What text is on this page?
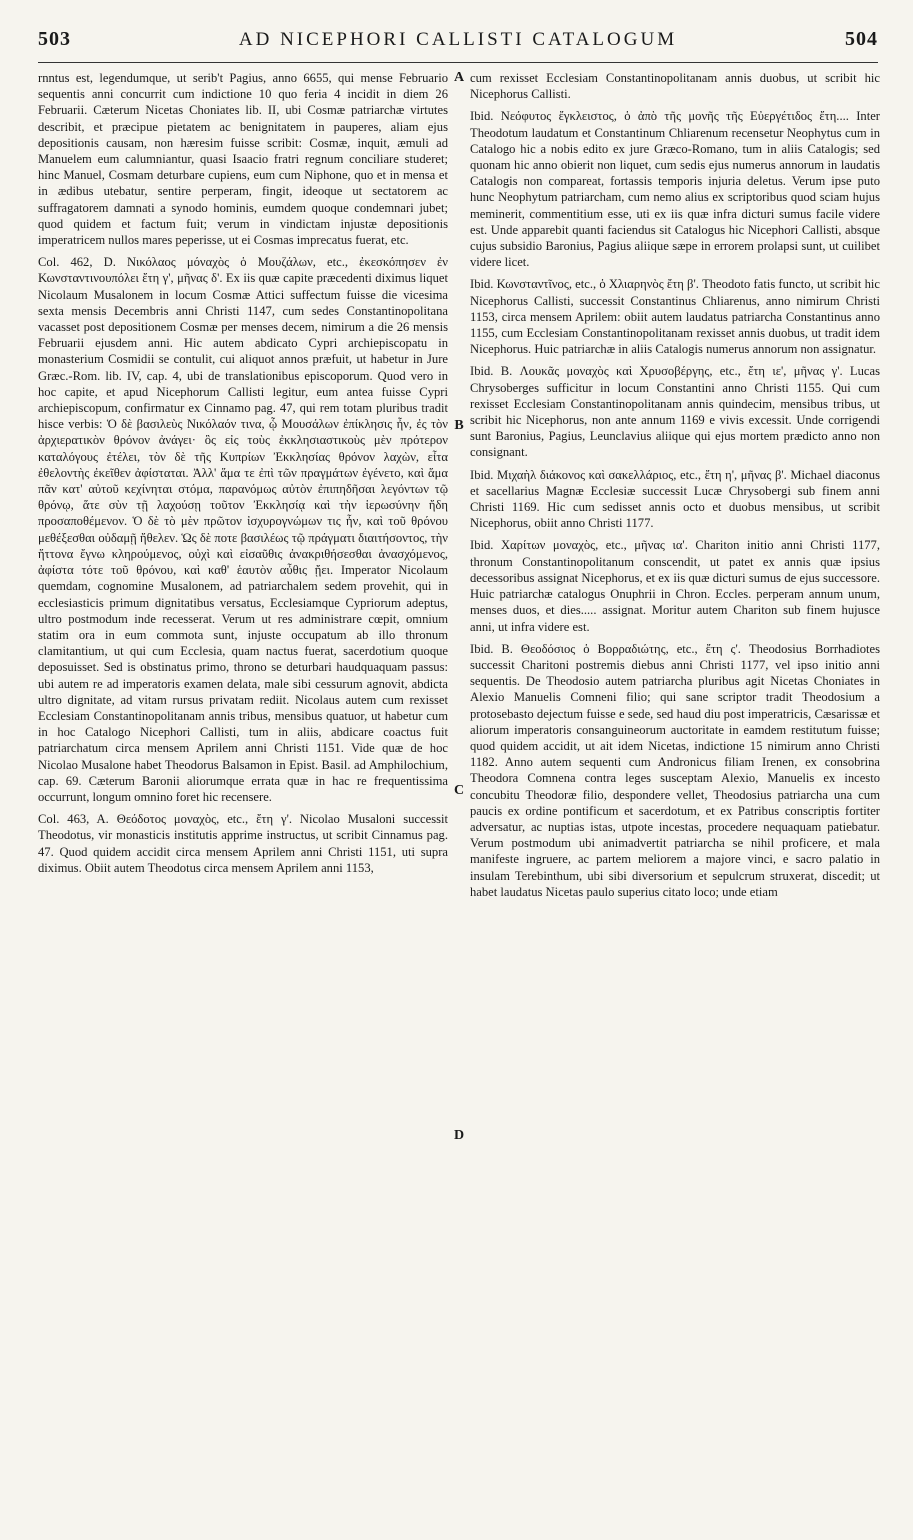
503	AD NICEPHORI CALLISTI CATALOGUM	504

rnntus est, legendumque, ut serib't Pagius, anno 6655, qui mense Februario sequentis anni concurrit cum indictione 10 quo feria 4 incidit in diem 26 Februarii. Cæterum Nicetas Choniates lib. II, ubi Cosmæ patriarchæ virtutes describit, et præcipue pietatem ac benignitatem in pauperes, aliam ejus depositionis causam, non hæresim fuisse scribit: Cosmæ, inquit, æmuli ad Manuelem eum calumniantur, quasi Isaacio fratri regnum conciliare studeret; hinc Manuel, Cosmam deturbare cupiens, eum cum Niphone, quo et in mensa et in ædibus utebatur, sentire perperam, fingit, ideoque ut sectatorem ac suffragatorem damnati a synodo hominis, eumdem quoque condemnari jubet; quod quidem et factum fuit; verum in vindictam injustæ depositionis imperatricem nullos mares peperisse, ut ei Cosmas imprecatus fuerat, etc.

Col. 462, D. Νικόλαος μόναχὸς ὁ Μουζάλων, etc., ἐκεσκόπησεν ἐν Κωνσταντινουπόλει ἔτη γ', μῆνας δ'. Ex iis quæ capite præcedenti diximus liquet Nicolaum Musalonem in locum Cosmæ Attici suffectum fuisse die vicesima sexta mensis Decembris anni Christi 1147, cum sedes Constantinopolitana vacasset post depositionem Cosmæ per menses decem, nimirum a die 26 mensis Februarii ejusdem anni. Hic autem abdicato Cypri archiepiscopatu in monasterium Cosmidii se contulit, cui aliquot annos præfuit, ut habetur in Jure Græc.-Rom. lib. IV, cap. 4, ubi de translationibus episcoporum. Quod vero in hoc capite, et apud Nicephorum Callisti legitur, eum antea fuisse Cypri archiepiscopum, confirmatur ex Cinnamo pag. 47, qui rem totam pluribus tradit hisce verbis: Ὁ δὲ βασιλεὺς Νικόλαόν τινα, ᾧ Μουσάλων ἐπίκλησις ἦν, ἐς τὸν ἀρχιερατικὸν θρόνον ἀνάγει· ὃς εἰς τοὺς ἐκκλησιαστικοὺς μὲν πρότερον καταλόγους ἐτέλει, τὸν δὲ τῆς Κυπρίων Ἐκκλησίας θρόνον λαχὼν, εἶτα ἐθελοντὴς ἐκεῖθεν ἀφίσταται. Ἀλλ' ἅμα τε ἐπὶ τῶν πραγμάτων ἐγένετο, καὶ ἅμα πᾶν κατ' αὐτοῦ κεχίνηται στόμα, παρανόμως αὐτὸν ἐπιπηδῆσαι λεγόντων τῷ θρόνῳ, ἅτε σὺν τῇ λαχούσῃ τοῦτον Ἐκκλησίᾳ καὶ τὴν ἱερωσύνην ἤδη προσαποθέμενον. Ὁ δὲ τὸ μὲν πρῶτον ἰσχυρογνώμων τις ἦν, καὶ τοῦ θρόνου μεθέξεσθαι οὐδαμῇ ἤθελεν. Ὡς δὲ ποτε βασιλέως τῷ πράγματι διαιτήσοντος, τὴν ἥττονα ἔγνω κληρούμενος, οὐχὶ καὶ εἰσαῦθις ἀνακριθήσεσθαι ἀνασχόμενος, ἀφίστα τότε τοῦ θρόνου, καὶ καθ' ἑαυτὸν αὖθις ᾔει. Imperator Nicolaum quemdam, cognomine Musalonem, ad patriarchalem sedem provehit, qui in ecclesiasticis primum dignitatibus versatus, Ecclesiamque Cypriorum adeptus, ultro postmodum inde recesserat. Verum ut res administrare cœpit, omnium statim ora in eum commota sunt, injuste occupatum ab illo thronum clamitantium, ut qui cum Ecclesia, quam nactus fuerat, sacerdotium quoque deposuisset. Sed is obstinatus primo, throno se deturbari haudquaquam passus: ubi autem re ad imperatoris examen delata, male sibi cessurum agnovit, abdicta ultro dignitate, ad vitam rursus privatam rediit. Nicolaus autem cum rexisset Ecclesiam Constantinopolitanam annis tribus, mensibus quatuor, ut habetur cum in hoc Catalogo Nicephori Callisti, tum in aliis, abdicare coactus fuit patriarchatum circa mensem Aprilem anni Christi 1151. Vide quæ de hoc Nicolao Musalone habet Theodorus Balsamon in Epist. Basil. ad Amphilochium, cap. 69. Cæterum Baronii aliorumque errata quæ in hac re frequentissima occurrunt, longum omnino foret hic recensere.

Col. 463, A. Θεόδοτος μοναχὸς, etc., ἔτη γ'. Nicolao Musaloni successit Theodotus, vir monasticis institutis apprime instructus, ut scribit Cinnamus pag. 47. Quod quidem accidit circa mensem Aprilem anni Christi 1151, uti supra diximus. Obiit autem Theodotus circa mensem Aprilem anni 1153,

A
B
C
D

cum rexisset Ecclesiam Constantinopolitanam annis duobus, ut scribit hic Nicephorus Callisti.

Ibid. Νεόφυτος ἔγκλειστος, ὁ ἀπὸ τῆς μονῆς τῆς Εὐεργέτιδος ἔτη.... Inter Theodotum laudatum et Constantinum Chliarenum recensetur Neophytus cum in Catalogo hic a nobis edito ex jure Græco-Romano, tum in aliis Catalogis; sed quonam hic anno obierit non liquet, cum sedis ejus numerus annorum in laudatis Catalogis non compareat, fortassis temporis injuria deletus. Verum ipse puto hunc Neophytum patriarcham, cum nemo alius ex scriptoribus quod sciam hujus meminerit, commentitium esse, uti ex iis quæ infra dicturi sumus facile videre est. Unde apparebit quanti faciendus sit Catalogus hic Nicephori Callisti, absque cujus subsidio Baronius, Pagius aliique sæpe in errorem prolapsi sunt, ut cuilibet videre licet.

Ibid. Κωνσταντῖνος, etc., ὁ Χλιαρηνὸς ἔτη β'. Theodoto fatis functo, ut scribit hic Nicephorus Callisti, successit Constantinus Chliarenus, anno nimirum Christi 1153, circa mensem Aprilem: obiit autem laudatus patriarcha Constantinus anno 1155, cum Ecclesiam Constantinopolitanam rexisset annis duobus, ut tradit idem Nicephorus. Huic patriarchæ in aliis Catalogis numerus annorum non assignatur.

Ibid. B. Λουκᾶς μοναχὸς καὶ Χρυσοβέργης, etc., ἔτη ιε', μῆνας γ'. Lucas Chrysoberges sufficitur in locum Constantini anno Christi 1155. Qui cum rexisset Ecclesiam Constantinopolitanam annis quindecim, mensibus tribus, ut scribit hic Nicephorus, non ante annum 1169 e vivis excessit. Unde corrigendi sunt Baronius, Pagius, Leunclavius aliique qui ejus mortem prædicto anno non consignant.

Ibid. Μιχαὴλ διάκονος καὶ σακελλάριος, etc., ἔτη η', μῆνας β'. Michael diaconus et sacellarius Magnæ Ecclesiæ successit Lucæ Chrysobergi sub finem anni Christi 1169. Hic cum sedisset annis octo et duobus mensibus, ut scribit Nicephorus, obiit anno Christi 1177.

Ibid. Χαρίτων μοναχὸς, etc., μῆνας ια'. Chariton initio anni Christi 1177, thronum Constantinopolitanum conscendit, ut patet ex annis quæ ipsius decessoribus assignat Nicephorus, et ex iis quæ dicturi sumus de ejus successore. Huic patriarchæ catalogus Onuphrii in Chron. Eccles. perperam annum unum, menses duos, et dies..... assignat. Moritur autem Chariton sub finem hujusce anni, ut infra videre est.

Ibid. B. Θεοδόσιος ὁ Βορραδιώτης, etc., ἔτη ς'. Theodosius Borrhadiotes successit Charitoni postremis diebus anni Christi 1177, vel ipso initio anni sequentis. De Theodosio autem patriarcha pluribus agit Nicetas Choniates in Alexio Manuelis Comneni filio; qui sane scriptor tradit Theodosium a protosebasto dejectum fuisse e sede, sed haud diu post imperatricis, Cæsarissæ et aliorum imperatoris consanguineorum auctoritate in eamdem restitutum fuisse; quod quidem accidit, ut ait idem Nicetas, indictione 15 nimirum anno Christi 1182. Anno autem sequenti cum Andronicus filiam Irenen, ex consobrina Theodora Comnena contra leges susceptam Alexio, Manuelis ex incesto concubitu Theodoræ filio, despondere vellet, Theodosius patriarcha una cum paucis ex ordine pontificum et sacerdotum, et ex Patribus conscriptis fortiter adversatur, ac nuptias istas, utpote incestas, procedere nequaquam patiebatur. Verum postmodum ubi animadvertit patriarcha se nihil proficere, et mala manifeste ingruere, ac partem meliorem a majore vinci, e sacro palatio in insulam Terebinthum, ubi sibi diversorium et sepulcrum struxerat, discedit; ut habet laudatus Nicetas paulo superius citato loco; unde etiam
